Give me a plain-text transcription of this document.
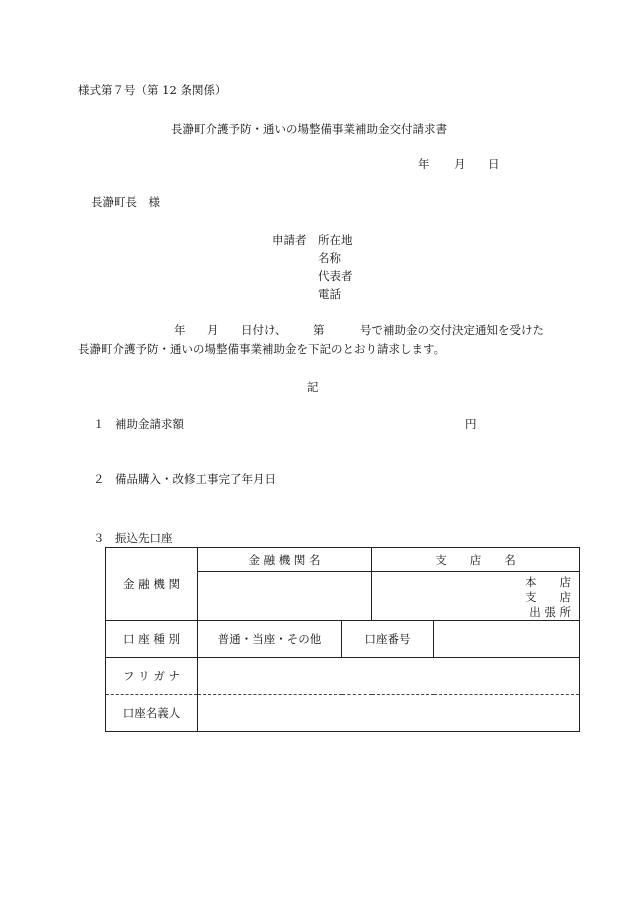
様式第７号（第 12 条関係）
長瀞町介護予防・通いの場整備事業補助金交付請求書
年 月 日
長瀞町長　様
申請者 所在地
名称
代表者
電話
年 月 日付け、 第	号で補助金の交付決定通知を受けた
長瀞町介護予防・通いの場整備事業補助金を下記のとおり請求します。
記
１ 補助金請求額	円
２ 備品購入・改修工事完了年月日
３ 振込先口座
金 融 機 関	金 融 機 関 名		支　　店　　名	

			本　　店
支　　店
出 張 所	

口 座 種 別	普通・当座・その他	口座番号		
フ リ ガ ナ				
口座名義人				
